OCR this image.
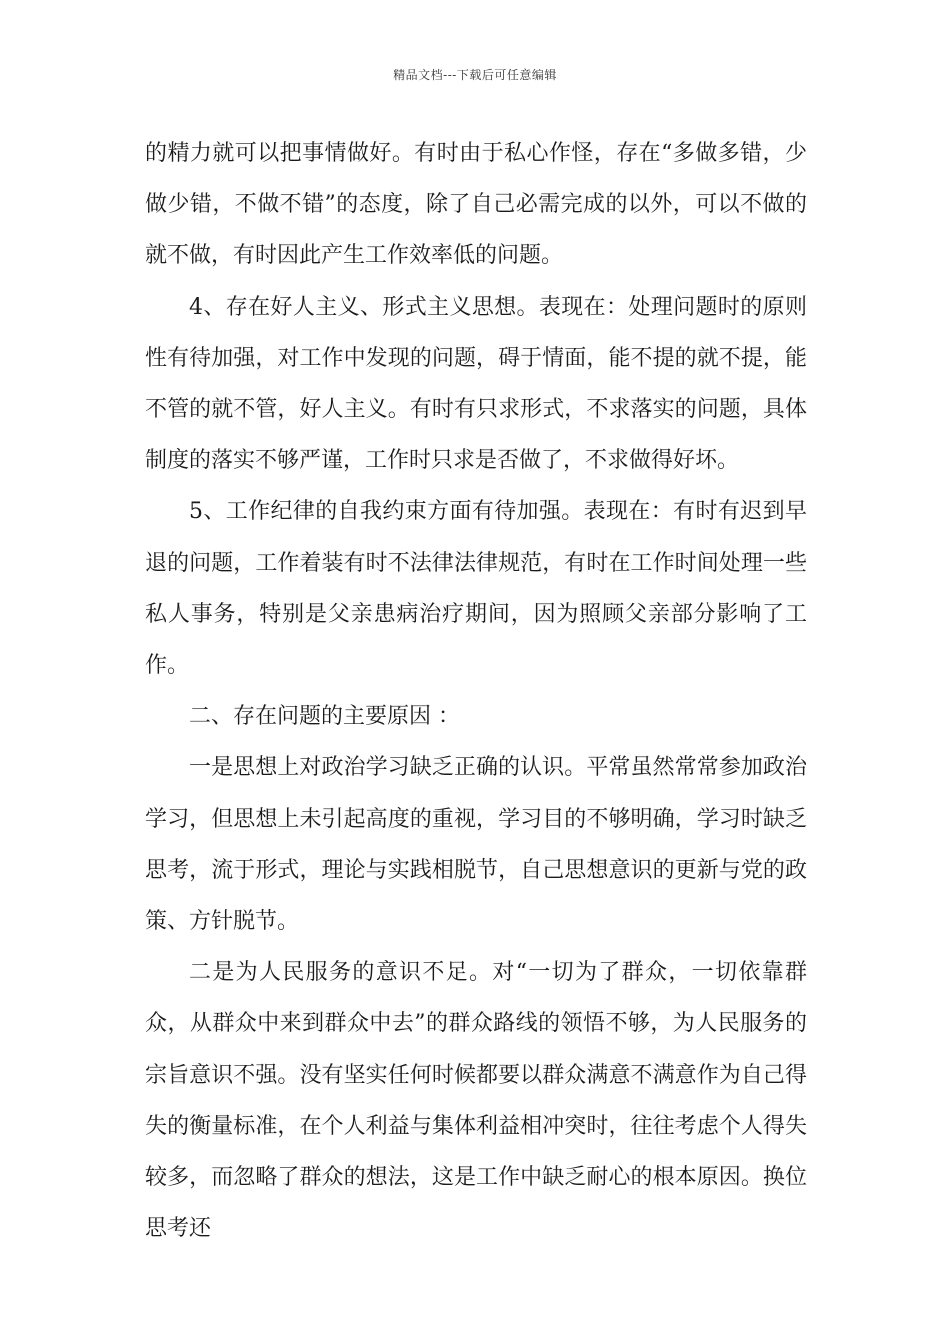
精品文档---下载后可任意编辑

的精力就可以把事情做好。有时由于私心作怪，存在“多做多错，少做少错，不做不错”的态度，除了自己必需完成的以外，可以不做的就不做，有时因此产生工作效率低的问题。

4、存在好人主义、形式主义思想。表现在：处理问题时的原则性有待加强，对工作中发现的问题，碍于情面，能不提的就不提，能不管的就不管，好人主义。有时有只求形式，不求落实的问题，具体制度的落实不够严谨，工作时只求是否做了，不求做得好坏。

5、工作纪律的自我约束方面有待加强。表现在：有时有迟到早退的问题，工作着装有时不法律法律规范，有时在工作时间处理一些私人事务，特别是父亲患病治疗期间，因为照顾父亲部分影响了工作。

二、存在问题的主要原因 ：

一是思想上对政治学习缺乏正确的认识。平常虽然常常参加政治学习，但思想上未引起高度的重视，学习目的不够明确，学习时缺乏思考，流于形式，理论与实践相脱节，自己思想意识的更新与党的政策、方针脱节。

二是为人民服务的意识不足。对“一切为了群众，一切依靠群众，从群众中来到群众中去”的群众路线的领悟不够，为人民服务的宗旨意识不强。没有坚实任何时候都要以群众满意不满意作为自己得失的衡量标准，在个人利益与集体利益相冲突时，往往考虑个人得失较多，而忽略了群众的想法，这是工作中缺乏耐心的根本原因。换位思考还
